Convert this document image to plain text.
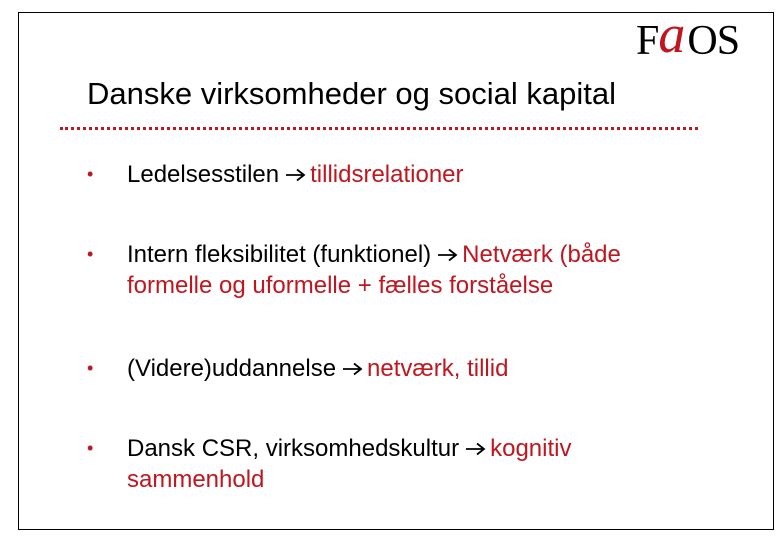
FaOS
Danske virksomheder og social kapital
• Ledelsesstilen tillidsrelationer
• Intern fleksibilitet (funktionel) Netværk (både
formelle og uformelle + fælles forståelse
• (Videre)uddannelse netværk, tillid
• Dansk CSR, virksomhedskultur kognitiv
sammenhold
